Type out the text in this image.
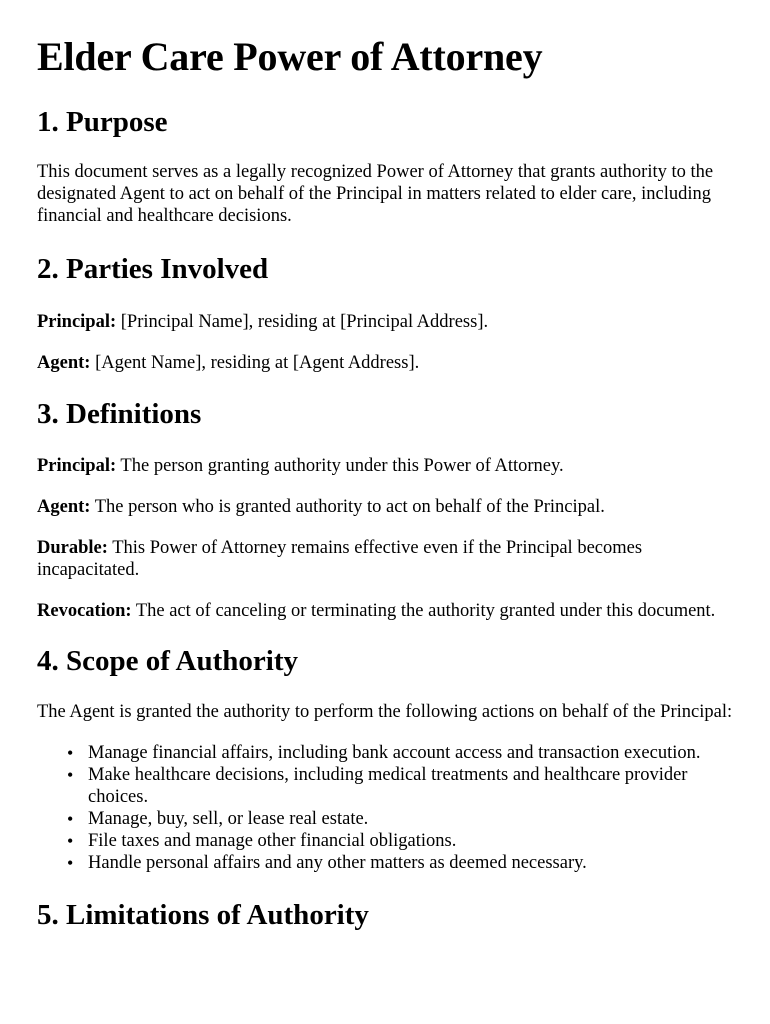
Elder Care Power of Attorney
1. Purpose

This document serves as a legally recognized Power of Attorney that grants authority to the designated Agent to act on behalf of the Principal in matters related to elder care, including financial and healthcare decisions.

2. Parties Involved

Principal: [Principal Name], residing at [Principal Address].

Agent: [Agent Name], residing at [Agent Address].

3. Definitions

Principal: The person granting authority under this Power of Attorney.

Agent: The person who is granted authority to act on behalf of the Principal.

Durable: This Power of Attorney remains effective even if the Principal becomes incapacitated.

Revocation: The act of canceling or terminating the authority granted under this document.

4. Scope of Authority

The Agent is granted the authority to perform the following actions on behalf of the Principal:

• Manage financial affairs, including bank account access and transaction execution.
• Make healthcare decisions, including medical treatments and healthcare provider choices.
• Manage, buy, sell, or lease real estate.
• File taxes and manage other financial obligations.
• Handle personal affairs and any other matters as deemed necessary.
5. Limitations of Authority
